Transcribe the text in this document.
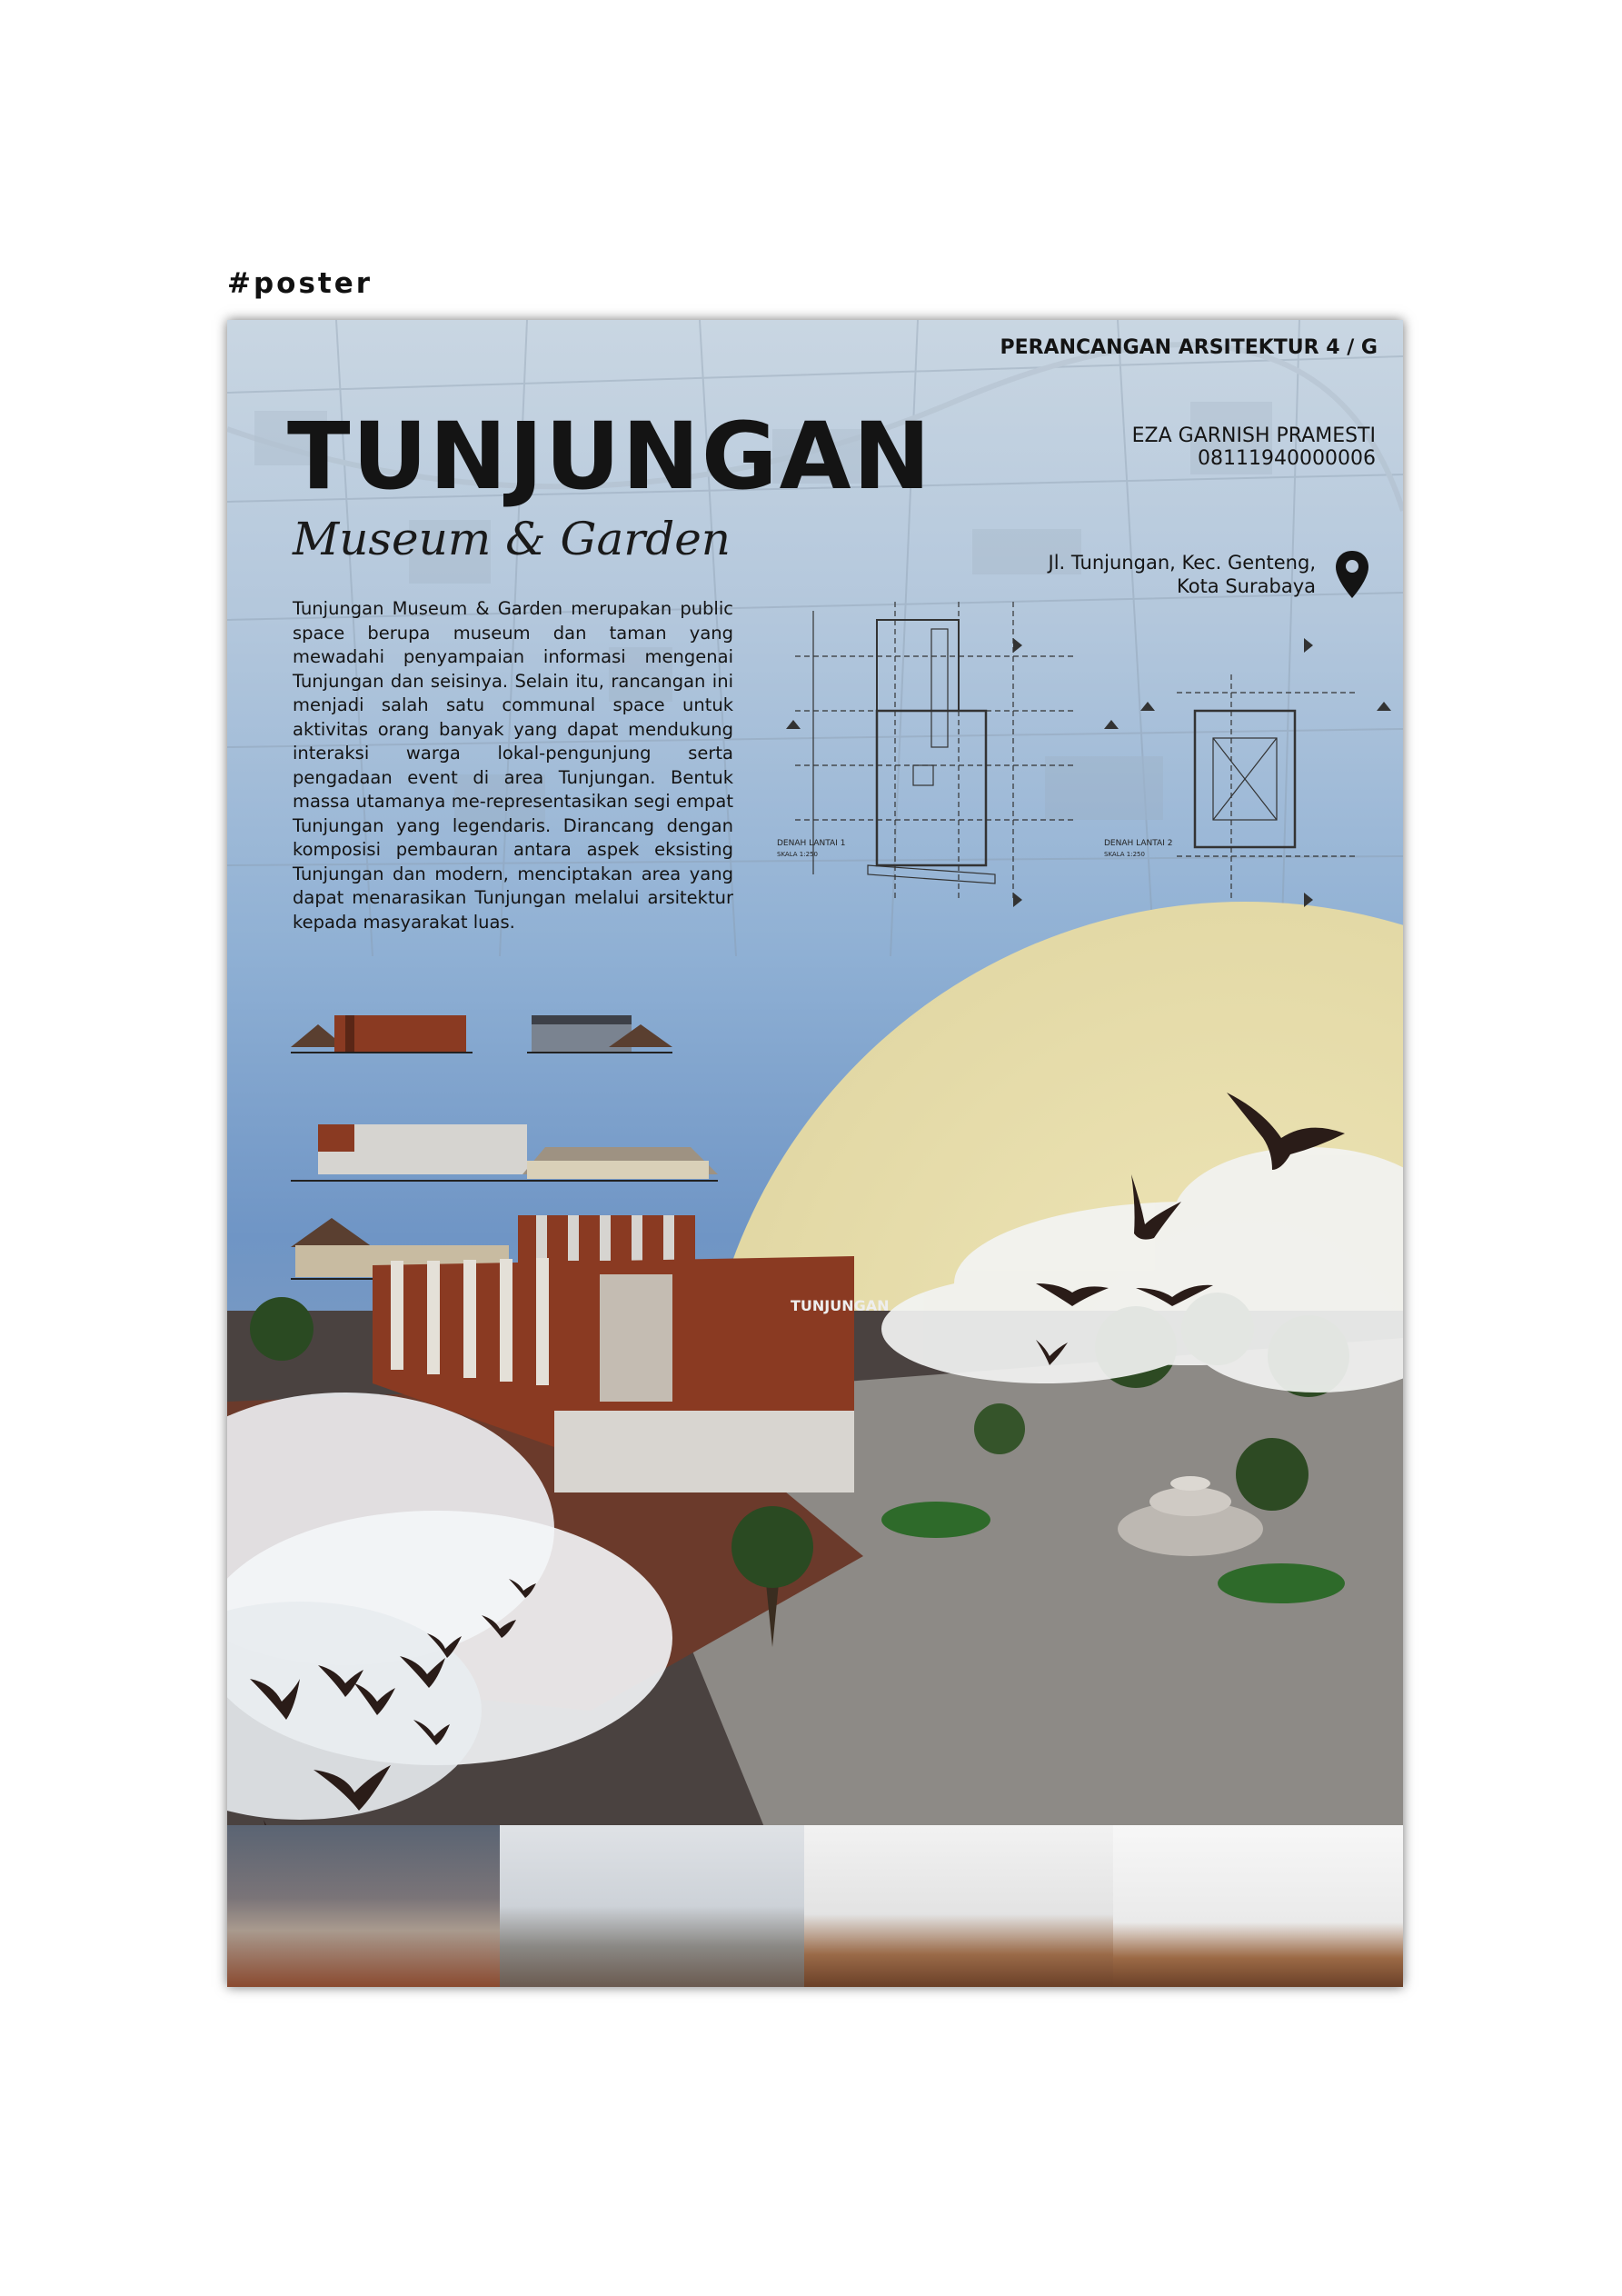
#poster
PERANCANGAN ARSITEKTUR 4 / G
TUNJUNGAN
Museum & Garden
EZA GARNISH PRAMESTI
08111940000006
Jl. Tunjungan, Kec. Genteng,
Kota Surabaya
Tunjungan Museum & Garden merupakan public space berupa museum dan taman yang mewadahi penyampaian informasi mengenai Tunjungan dan seisinya. Selain itu, rancangan ini menjadi salah satu communal space untuk aktivitas orang banyak yang dapat mendukung interaksi warga lokal-pengunjung serta pengadaan event di area Tunjungan. Bentuk massa utamanya me-representasikan segi empat Tunjungan yang legendaris. Dirancang dengan komposisi pembauran antara aspek eksisting Tunjungan dan modern, menciptakan area yang dapat menarasikan Tunjungan melalui arsitektur kepada masyarakat luas.
DENAH LANTAI 1
SKALA 1:250
DENAH LANTAI 2
SKALA 1:250
TUNJUNGAN
